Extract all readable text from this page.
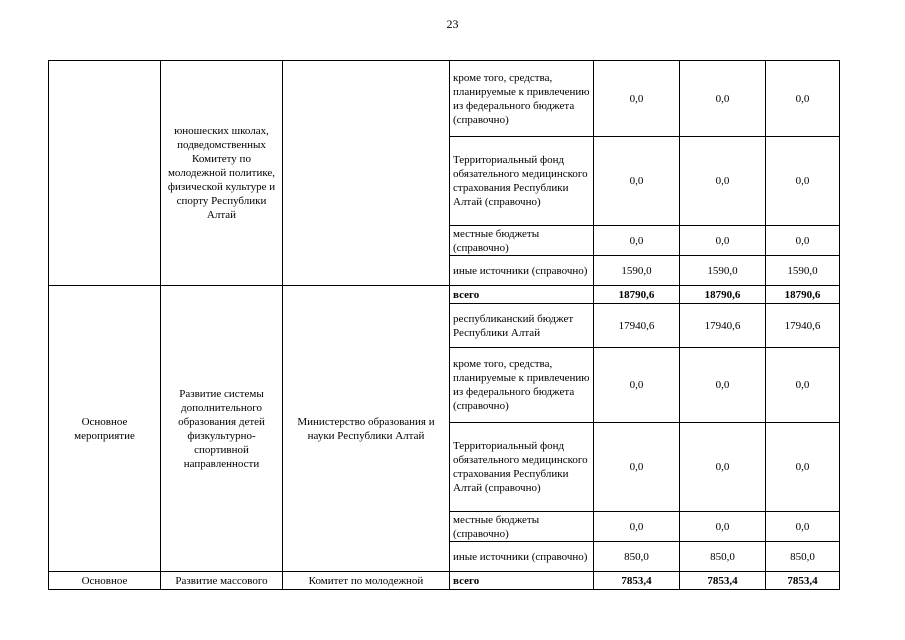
23
	юношеских школах, подведомственных Комитету по молодежной политике, физической культуре и спорту Республики Алтай		кроме того, средства, планируемые к привлечению из федерального бюджета (справочно)	0,0	0,0	0,0
			Территориальный фонд обязательного медицинского страхования Республики Алтай (справочно)	0,0	0,0	0,0
			местные бюджеты (справочно)	0,0	0,0	0,0
			иные источники (справочно)	1590,0	1590,0	1590,0
Основное мероприятие	Развитие системы дополнительного образования детей физкультурно-спортивной направленности	Министерство образования и науки Республики Алтай	всего	18790,6	18790,6	18790,6
			республиканский бюджет Республики Алтай	17940,6	17940,6	17940,6
			кроме того, средства, планируемые к привлечению из федерального бюджета (справочно)	0,0	0,0	0,0
			Территориальный фонд обязательного медицинского страхования Республики Алтай (справочно)	0,0	0,0	0,0
			местные бюджеты (справочно)	0,0	0,0	0,0
			иные источники (справочно)	850,0	850,0	850,0
Основное	Развитие массового	Комитет по молодежной	всего	7853,4	7853,4	7853,4
